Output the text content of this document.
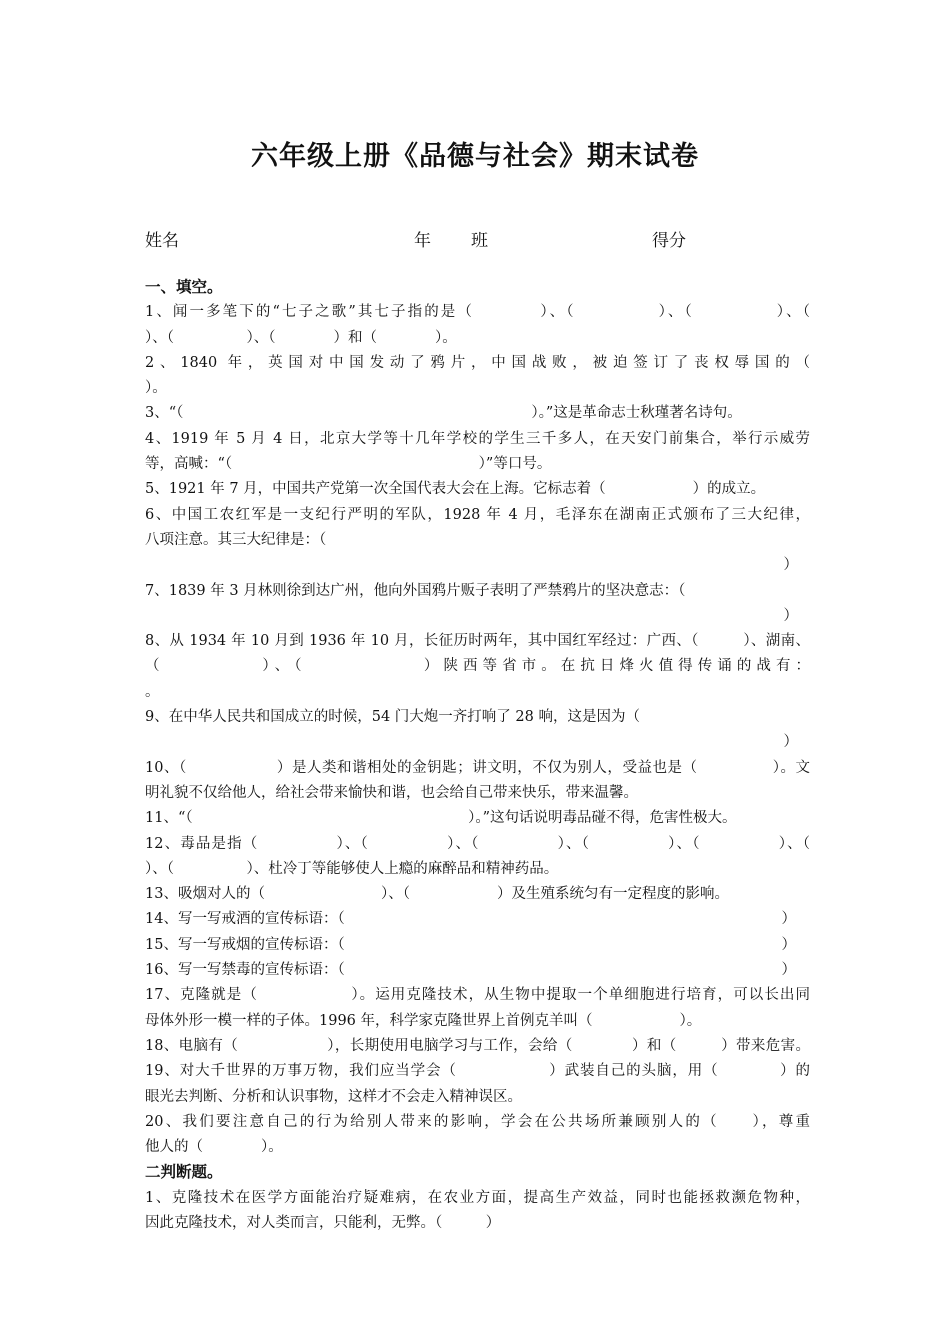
六年级上册《品德与社会》期末试卷
姓名	年 班	得分
一、填空。
1、闻一多笔下的“七子之歌”其七子指的是（　　　　）、（　　　　　）、（　　　　　）、（
）、（　　　　　）、（　　　　）和（　　　　）。
2、1840 年，英国对中国发动了鸦片，中国战败，被迫签订了丧权辱国的（
）。
3、“（　　　　　　　　　　　　　　　　　　　　　　　　）。”这是革命志士秋瑾著名诗句。
4、1919 年 5 月 4 日，北京大学等十几年学校的学生三千多人，在天安门前集合，举行示威劳
等，高喊：“（　　　　　　　　　　　　　　　　　）”等口号。
5、1921 年 7 月，中国共产党第一次全国代表大会在上海。它标志着（　　　　　　）的成立。
6、中国工农红军是一支纪行严明的军队，1928 年 4 月，毛泽东在湖南正式颁布了三大纪律，
八项注意。其三大纪律是：（
）
7、1839 年 3 月林则徐到达广州，他向外国鸦片贩子表明了严禁鸦片的坚决意志：（
）
8、从 1934 年 10 月到 1936 年 10 月，长征历时两年，其中国红军经过：广西、（　　　）、湖南、
（　　　　　）、（　　　　　　）陕西等省市。在抗日烽火值得传诵的战有：
。
9、在中华人民共和国成立的时候，54 门大炮一齐打响了 28 响，这是因为（
）
10、（　　　　　　）是人类和谐相处的金钥匙；讲文明，不仅为别人，受益也是（　　　　　）。文
明礼貌不仅给他人，给社会带来愉快和谐，也会给自己带来快乐，带来温馨。
11、“（　　　　　　　　　　　　　　　　　　　）。”这句话说明毒品碰不得，危害性极大。
12、毒品是指（　　　　　）、（　　　　　）、（　　　　　）、（　　　　　）、（　　　　　）、（
）、（　　　　　）、杜冷丁等能够使人上瘾的麻醉品和精神药品。
13、吸烟对人的（　　　　　　　　）、（　　　　　　）及生殖系统匀有一定程度的影响。
14、写一写戒酒的宣传标语：（	）
15、写一写戒烟的宣传标语：（	）
16、写一写禁毒的宣传标语：（	）
17、克隆就是（　　　　　　）。运用克隆技术，从生物中提取一个单细胞进行培育，可以长出同
母体外形一模一样的子体。1996 年，科学家克隆世界上首例克羊叫（　　　　　　）。
18、电脑有（　　　　　　），长期使用电脑学习与工作，会给（　　　　）和（　　　）带来危害。
19、对大千世界的万事万物，我们应当学会（　　　　　　）武装自己的头脑，用（　　　　）的
眼光去判断、分析和认识事物，这样才不会走入精神误区。
20、我们要注意自己的行为给别人带来的影响，学会在公共场所兼顾别人的（　　），尊重
他人的（　　　　）。
二判断题。
1、克隆技术在医学方面能治疗疑难病，在农业方面，提高生产效益，同时也能拯救濒危物种，
因此克隆技术，对人类而言，只能利，无弊。（　　　）
